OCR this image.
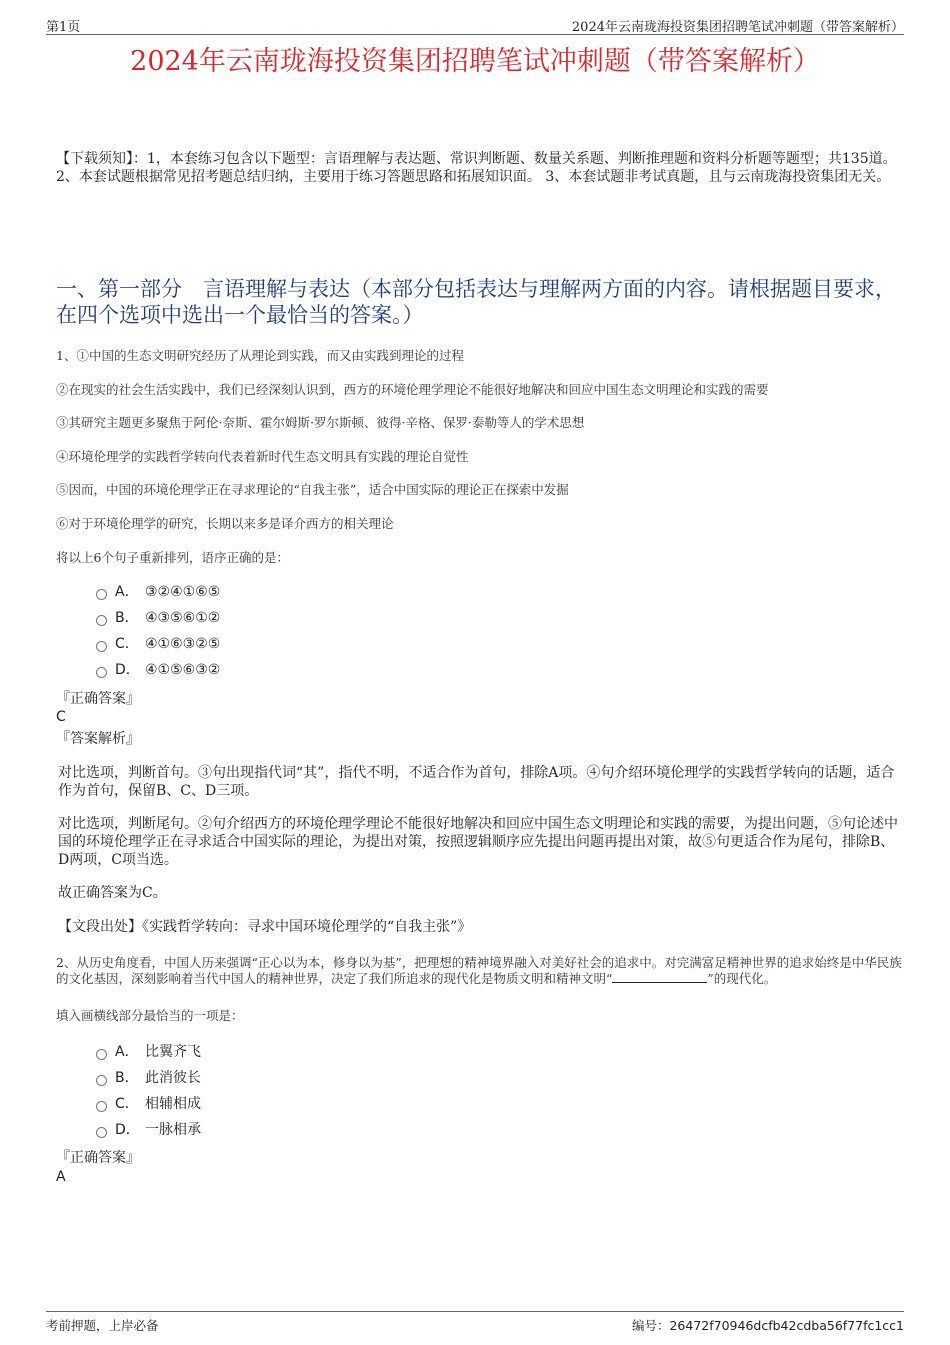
第1页	2024年云南珑海投资集团招聘笔试冲刺题（带答案解析）
2024年云南珑海投资集团招聘笔试冲刺题（带答案解析）
【下载须知】：1，本套练习包含以下题型：言语理解与表达题、常识判断题、数量关系题、判断推理题和资料分析题等题型；共135道。 2、本套试题根据常见招考题总结归纳，主要用于练习答题思路和拓展知识面。 3、本套试题非考试真题，且与云南珑海投资集团无关。
一、第一部分　言语理解与表达（本部分包括表达与理解两方面的内容。请根据题目要求，在四个选项中选出一个最恰当的答案。）
1、①中国的生态文明研究经历了从理论到实践，而又由实践到理论的过程
②在现实的社会生活实践中，我们已经深刻认识到，西方的环境伦理学理论不能很好地解决和回应中国生态文明理论和实践的需要
③其研究主题更多聚焦于阿伦·奈斯、霍尔姆斯·罗尔斯顿、彼得·辛格、保罗·泰勒等人的学术思想
④环境伦理学的实践哲学转向代表着新时代生态文明具有实践的理论自觉性
⑤因而，中国的环境伦理学正在寻求理论的“自我主张”，适合中国实际的理论正在探索中发掘
⑥对于环境伦理学的研究，长期以来多是译介西方的相关理论
将以上6个句子重新排列，语序正确的是：
A． ③②④①⑥⑤
B． ④③⑤⑥①②
C． ④①⑥③②⑤
D． ④①⑤⑥③②
『正确答案』
C
『答案解析』
对比选项，判断首句。③句出现指代词“其”，指代不明，不适合作为首句，排除A项。④句介绍环境伦理学的实践哲学转向的话题，适合作为首句，保留B、C、D三项。
对比选项，判断尾句。②句介绍西方的环境伦理学理论不能很好地解决和回应中国生态文明理论和实践的需要，为提出问题，⑤句论述中国的环境伦理学正在寻求适合中国实际的理论，为提出对策，按照逻辑顺序应先提出问题再提出对策，故⑤句更适合作为尾句，排除B、D两项，C项当选。
故正确答案为C。
【文段出处】《实践哲学转向：寻求中国环境伦理学的“自我主张”》
2、从历史角度看，中国人历来强调“正心以为本，修身以为基”，把理想的精神境界融入对美好社会的追求中。对完满富足精神世界的追求始终是中华民族的文化基因，深刻影响着当代中国人的精神世界，决定了我们所追求的现代化是物质文明和精神文明“	”的现代化。
填入画横线部分最恰当的一项是：
A． 比翼齐飞
B． 此消彼长
C． 相辅相成
D． 一脉相承
『正确答案』
A
考前押题，上岸必备	编号：26472f70946dcfb42cdba56f77fc1cc1
